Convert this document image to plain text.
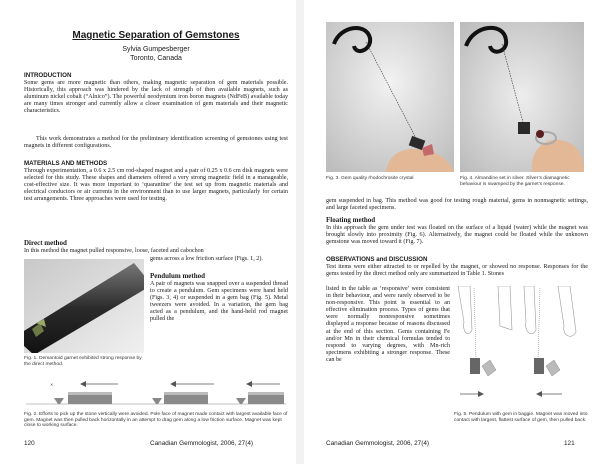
Magnetic Separation of Gemstones
Sylvia Gumpesberger
Toronto, Canada
INTRODUCTION
Some gems are more magnetic than others, making magnetic separation of gem materials possible. Historically, this approach was hindered by the lack of strength of then available magnets, such as aluminum nickel cobalt (“Alnico”). The powerful neodymium iron boron magnets (NdFeB) available today are many times stronger and currently allow a closer examination of gem materials and their magnetic characteristics.
This work demonstrates a method for the preliminary identification screening of gemstones using test magnets in different configurations.
MATERIALS AND METHODS
Through experimentation, a 0.6 x 2.5 cm rod-shaped magnet and a pair of 0.25 x 0.6 cm disk magnets were selected for this study. These shapes and diameters offered a very strong magnetic field in a manageable, cost-effective size. It was more important to ‘quarantine’ the test set up from magnetic materials and electrical conductors or air currents in the environment than to use larger magnets, particularly for certain test arrangements. Three approaches were used for testing.
Direct method
In this method the magnet pulled responsive, loose, faceted and cabochon
gems across a low friction surface (Figs. 1, 2).
Pendulum method
A pair of magnets was snapped over a suspended thread to create a pendulum. Gem specimens were hand held (Figs. 3, 4) or suspended in a gem bag (Fig. 5). Metal tweezers were avoided. In a variation, the gem bag acted as a pendulum, and the hand-held rod magnet pulled the
Fig. 1. Demantoid garnet exhibited strong response by the direct method.
✕
Fig. 2. Efforts to pick up the stone vertically were avoided. Pole face of magnet made contact with largest available face of gem. Magnet was then pulled back horizontally in an attempt to drag gem along a low friction surface. Magnet was kept close to working surface.
120	Canadian Gemmologist, 2006, 27(4)
Fig. 3. Gem quality rhodochrosite crystal	Fig. 4. Almandine set in silver. Silver’s diamagnetic behaviour is swamped by the garnet’s response.
gem suspended in bag. This method was good for testing rough material, gems in nonmagnetic settings, and large faceted specimens.
Floating method
In this approach the gem under test was floated on the surface of a liquid (water) while the magnet was brought slowly into proximity (Fig. 6). Alternatively, the magnet could be floated while the unknown gemstone was moved toward it (Fig. 7).
OBSERVATIONS and DISCUSSION
Test items were either attracted to or repelled by the magnet, or showed no response. Responses for the gems tested by the direct method only are summarized in Table 1. Stones
listed in the table as ‘responsive’ were consistent in their behaviour, and were rarely observed to be non-responsive. This point is essential to an effective elimination process. Types of gems that were normally nonresponsive sometimes displayed a response because of reasons discussed at the end of this section. Gems containing Fe and/or Mn in their chemical formulas tended to respond to varying degrees, with Mn-rich specimens exhibiting a stronger response. These can be
Fig. 5. Pendulum with gem in baggie. Magnet was moved into contact with largest, flattest surface of gem, then pulled back.
Canadian Gemmologist, 2006, 27(4)	121
